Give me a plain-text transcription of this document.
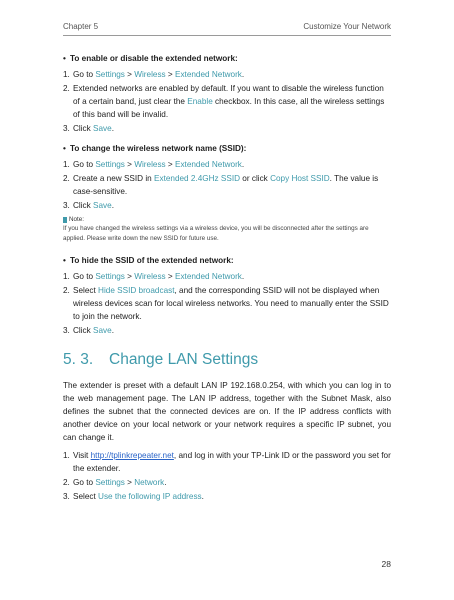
Chapter 5	Customize Your Network
• To enable or disable the extended network:
1. Go to Settings > Wireless > Extended Network.
2. Extended networks are enabled by default. If you want to disable the wireless function of a certain band, just clear the Enable checkbox. In this case, all the wireless settings of this band will be invalid.
3. Click Save.
• To change the wireless network name (SSID):
1. Go to Settings > Wireless > Extended Network.
2. Create a new SSID in Extended 2.4GHz SSID or click Copy Host SSID. The value is case-sensitive.
3. Click Save.
Note:
If you have changed the wireless settings via a wireless device, you will be disconnected after the settings are applied. Please write down the new SSID for future use.
• To hide the SSID of the extended network:
1. Go to Settings > Wireless > Extended Network.
2. Select Hide SSID broadcast, and the corresponding SSID will not be displayed when wireless devices scan for local wireless networks. You need to manually enter the SSID to join the network.
3. Click Save.
5. 3.	Change LAN Settings

The extender is preset with a default LAN IP 192.168.0.254, with which you can log in to the web management page. The LAN IP address, together with the Subnet Mask, also defines the subnet that the connected devices are on. If the IP address conflicts with another device on your local network or your network requires a specific IP subnet, you can change it.

1. Visit http://tplinkrepeater.net, and log in with your TP-Link ID or the password you set for the extender.
2. Go to Settings > Network.
3. Select Use the following IP address.
28
